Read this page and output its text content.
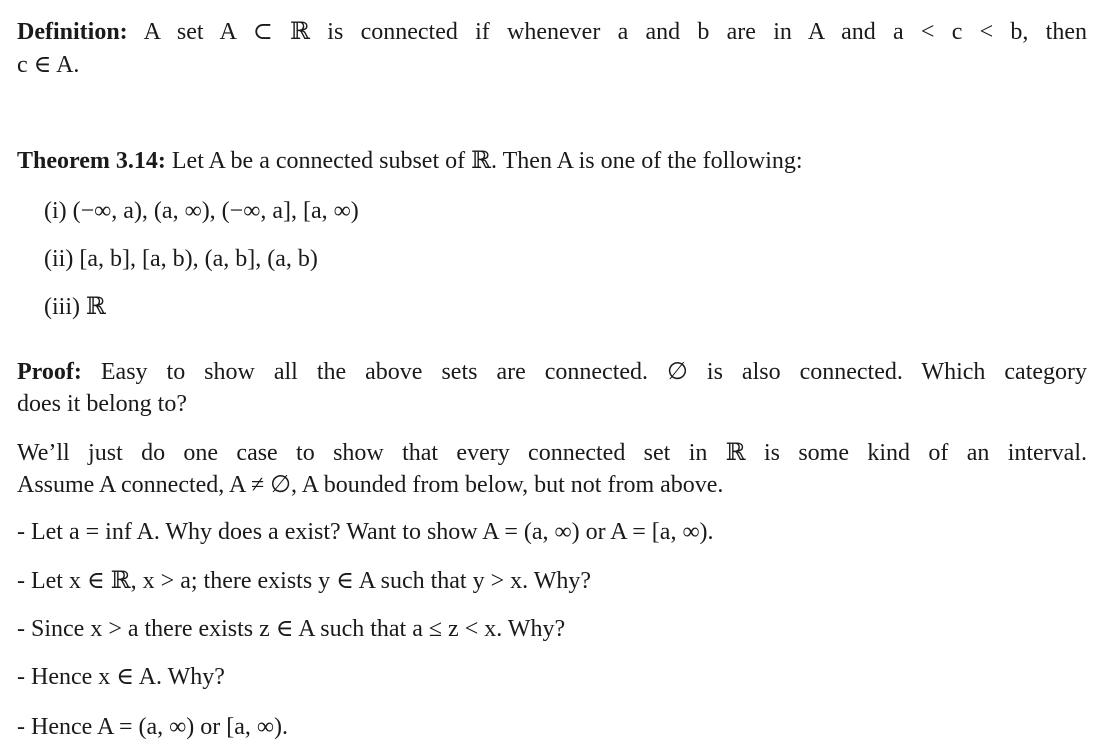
Definition: A set A ⊂ ℝ is connected if whenever a and b are in A and a < c < b, then
c ∈ A.
Theorem 3.14: Let A be a connected subset of ℝ. Then A is one of the following:
(i) (−∞, a), (a, ∞), (−∞, a], [a, ∞)
(ii) [a, b], [a, b), (a, b], (a, b)
(iii) ℝ
Proof: Easy to show all the above sets are connected. ∅ is also connected. Which category
does it belong to?
We’ll just do one case to show that every connected set in ℝ is some kind of an interval.
Assume A connected, A ≠ ∅, A bounded from below, but not from above.
- Let a = inf A. Why does a exist? Want to show A = (a, ∞) or A = [a, ∞).
- Let x ∈ ℝ, x > a; there exists y ∈ A such that y > x. Why?
- Since x > a there exists z ∈ A such that a ≤ z < x. Why?
- Hence x ∈ A. Why?
- Hence A = (a, ∞) or [a, ∞).
